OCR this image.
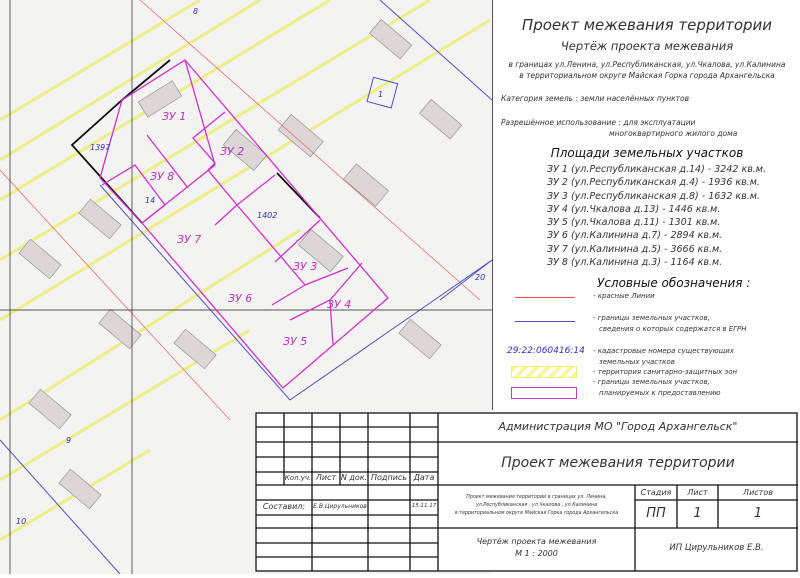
ЗУ 1
ЗУ 2
ЗУ 3
ЗУ 4
ЗУ 5
ЗУ 6
ЗУ 7
ЗУ 8
1397
1402
14
1
8
20
9
10
Проект межевания территории
Чертёж проекта межевания
в границах ул.Ленина, ул.Республиканская, ул.Чкалова, ул.Калинина
в территориальном округе Майская Горка города Архангельска
Категория земель : земли населённых пунктов
Разрешённое использование : для эксплуатации
многоквартирного жилого дома
Площади земельных участков
ЗУ 1 (ул.Республиканская д.14) - 3242 кв.м.
ЗУ 2 (ул.Республиканская д.4) - 1936 кв.м.
ЗУ 3 (ул.Республиканская д.8) - 1632 кв.м.
ЗУ 4 (ул.Чкалова д.13) - 1446 кв.м.
ЗУ 5 (ул.Чкалова д.11) - 1301 кв.м.
ЗУ 6 (ул.Калинина д.7) - 2894 кв.м.
ЗУ 7 (ул.Калинина д.5) - 3666 кв.м.
ЗУ 8 (ул.Калинина д.3) - 1164 кв.м.
Условные обозначения :
- красные Линии
- границы земельных участков,
сведения о которых содержатся в ЕГРН
29:22:060416:14 - кадастровые номера существующих
земельных участков
- территория санитарно-защитных зон
- границы земельных участков,
планируемых к предоставлению
Кол.уч. Лист N док. Подпись Дата
Составил:	Е.В.Цирульников	15.11.17
Администрация МО "Город Архангельск"
Проект межевания территории
Проект межевания территории в границах ул. Ленина,
ул.Республиканская , ул.Чкалова , ул.Калинина
в территориальном округе Майская Горка города Архангельска
Стадия	Лист	Листов
ПП	1	1
Чертёж проекта межевания
М 1 : 2000
ИП Цирульников Е.В.
